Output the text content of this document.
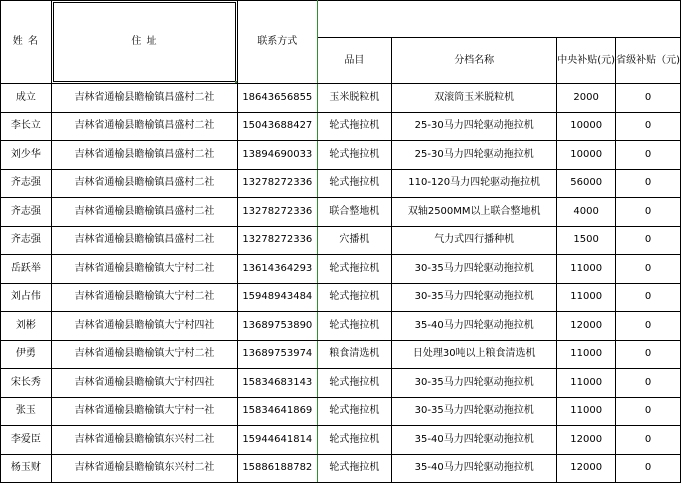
姓 名	住 址	联系方式				
			品目	分档名称	中央补贴(元)	省级补贴（元)
成立	吉林省通榆县瞻榆镇昌盛村二社	18643656855	玉米脱粒机	双滚筒玉米脱粒机	2000	0
李长立	吉林省通榆县瞻榆镇昌盛村二社	15043688427	轮式拖拉机	25-30马力四轮驱动拖拉机	10000	0
刘少华	吉林省通榆县瞻榆镇昌盛村二社	13894690033	轮式拖拉机	25-30马力四轮驱动拖拉机	10000	0
齐志强	吉林省通榆县瞻榆镇昌盛村二社	13278272336	轮式拖拉机	110-120马力四轮驱动拖拉机	56000	0
齐志强	吉林省通榆县瞻榆镇昌盛村二社	13278272336	联合整地机	双轴2500MM以上联合整地机	4000	0
齐志强	吉林省通榆县瞻榆镇昌盛村二社	13278272336	穴播机	气力式四行播种机	1500	0
岳跃举	吉林省通榆县瞻榆镇大宁村二社	13614364293	轮式拖拉机	30-35马力四轮驱动拖拉机	11000	0
刘占伟	吉林省通榆县瞻榆镇大宁村二社	15948943484	轮式拖拉机	30-35马力四轮驱动拖拉机	11000	0
刘彬	吉林省通榆县瞻榆镇大宁村四社	13689753890	轮式拖拉机	35-40马力四轮驱动拖拉机	12000	0
伊勇	吉林省通榆县瞻榆镇大宁村二社	13689753974	粮食清选机	日处理30吨以上粮食清选机	11000	0
宋长秀	吉林省通榆县瞻榆镇大宁村四社	15834683143	轮式拖拉机	30-35马力四轮驱动拖拉机	11000	0
张玉	吉林省通榆县瞻榆镇大宁村一社	15834641869	轮式拖拉机	30-35马力四轮驱动拖拉机	11000	0
李爱臣	吉林省通榆县瞻榆镇东兴村二社	15944641814	轮式拖拉机	35-40马力四轮驱动拖拉机	12000	0
杨玉财	吉林省通榆县瞻榆镇东兴村二社	15886188782	轮式拖拉机	35-40马力四轮驱动拖拉机	12000	0
